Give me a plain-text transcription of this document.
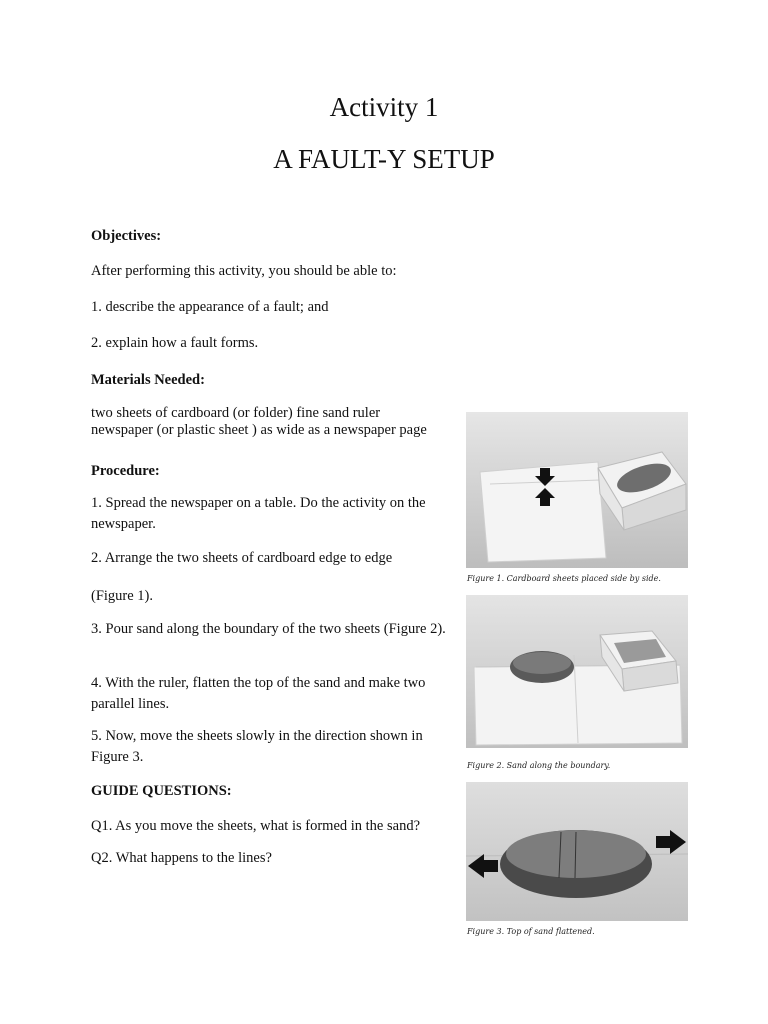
Activity 1
A FAULT-Y SETUP

Objectives:

After performing this activity, you should be able to:

1. describe the appearance of a fault; and

2. explain how a fault forms.

Materials Needed:

two sheets of cardboard (or folder) fine sand ruler

newspaper (or plastic sheet ) as wide as a newspaper page

Procedure:

1. Spread the newspaper on a table. Do the activity on the newspaper.

2. Arrange the two sheets of cardboard edge to edge

(Figure 1).

3. Pour sand along the boundary of the two sheets (Figure 2).

4. With the ruler, flatten the top of the sand and make two parallel lines.

5. Now, move the sheets slowly in the direction shown in Figure 3.

GUIDE QUESTIONS:

Q1. As you move the sheets, what is formed in the sand?

Q2. What happens to the lines?

Figure 1. Cardboard sheets placed side by side.

Figure 2. Sand along the boundary.

Figure 3. Top of sand flattened.
